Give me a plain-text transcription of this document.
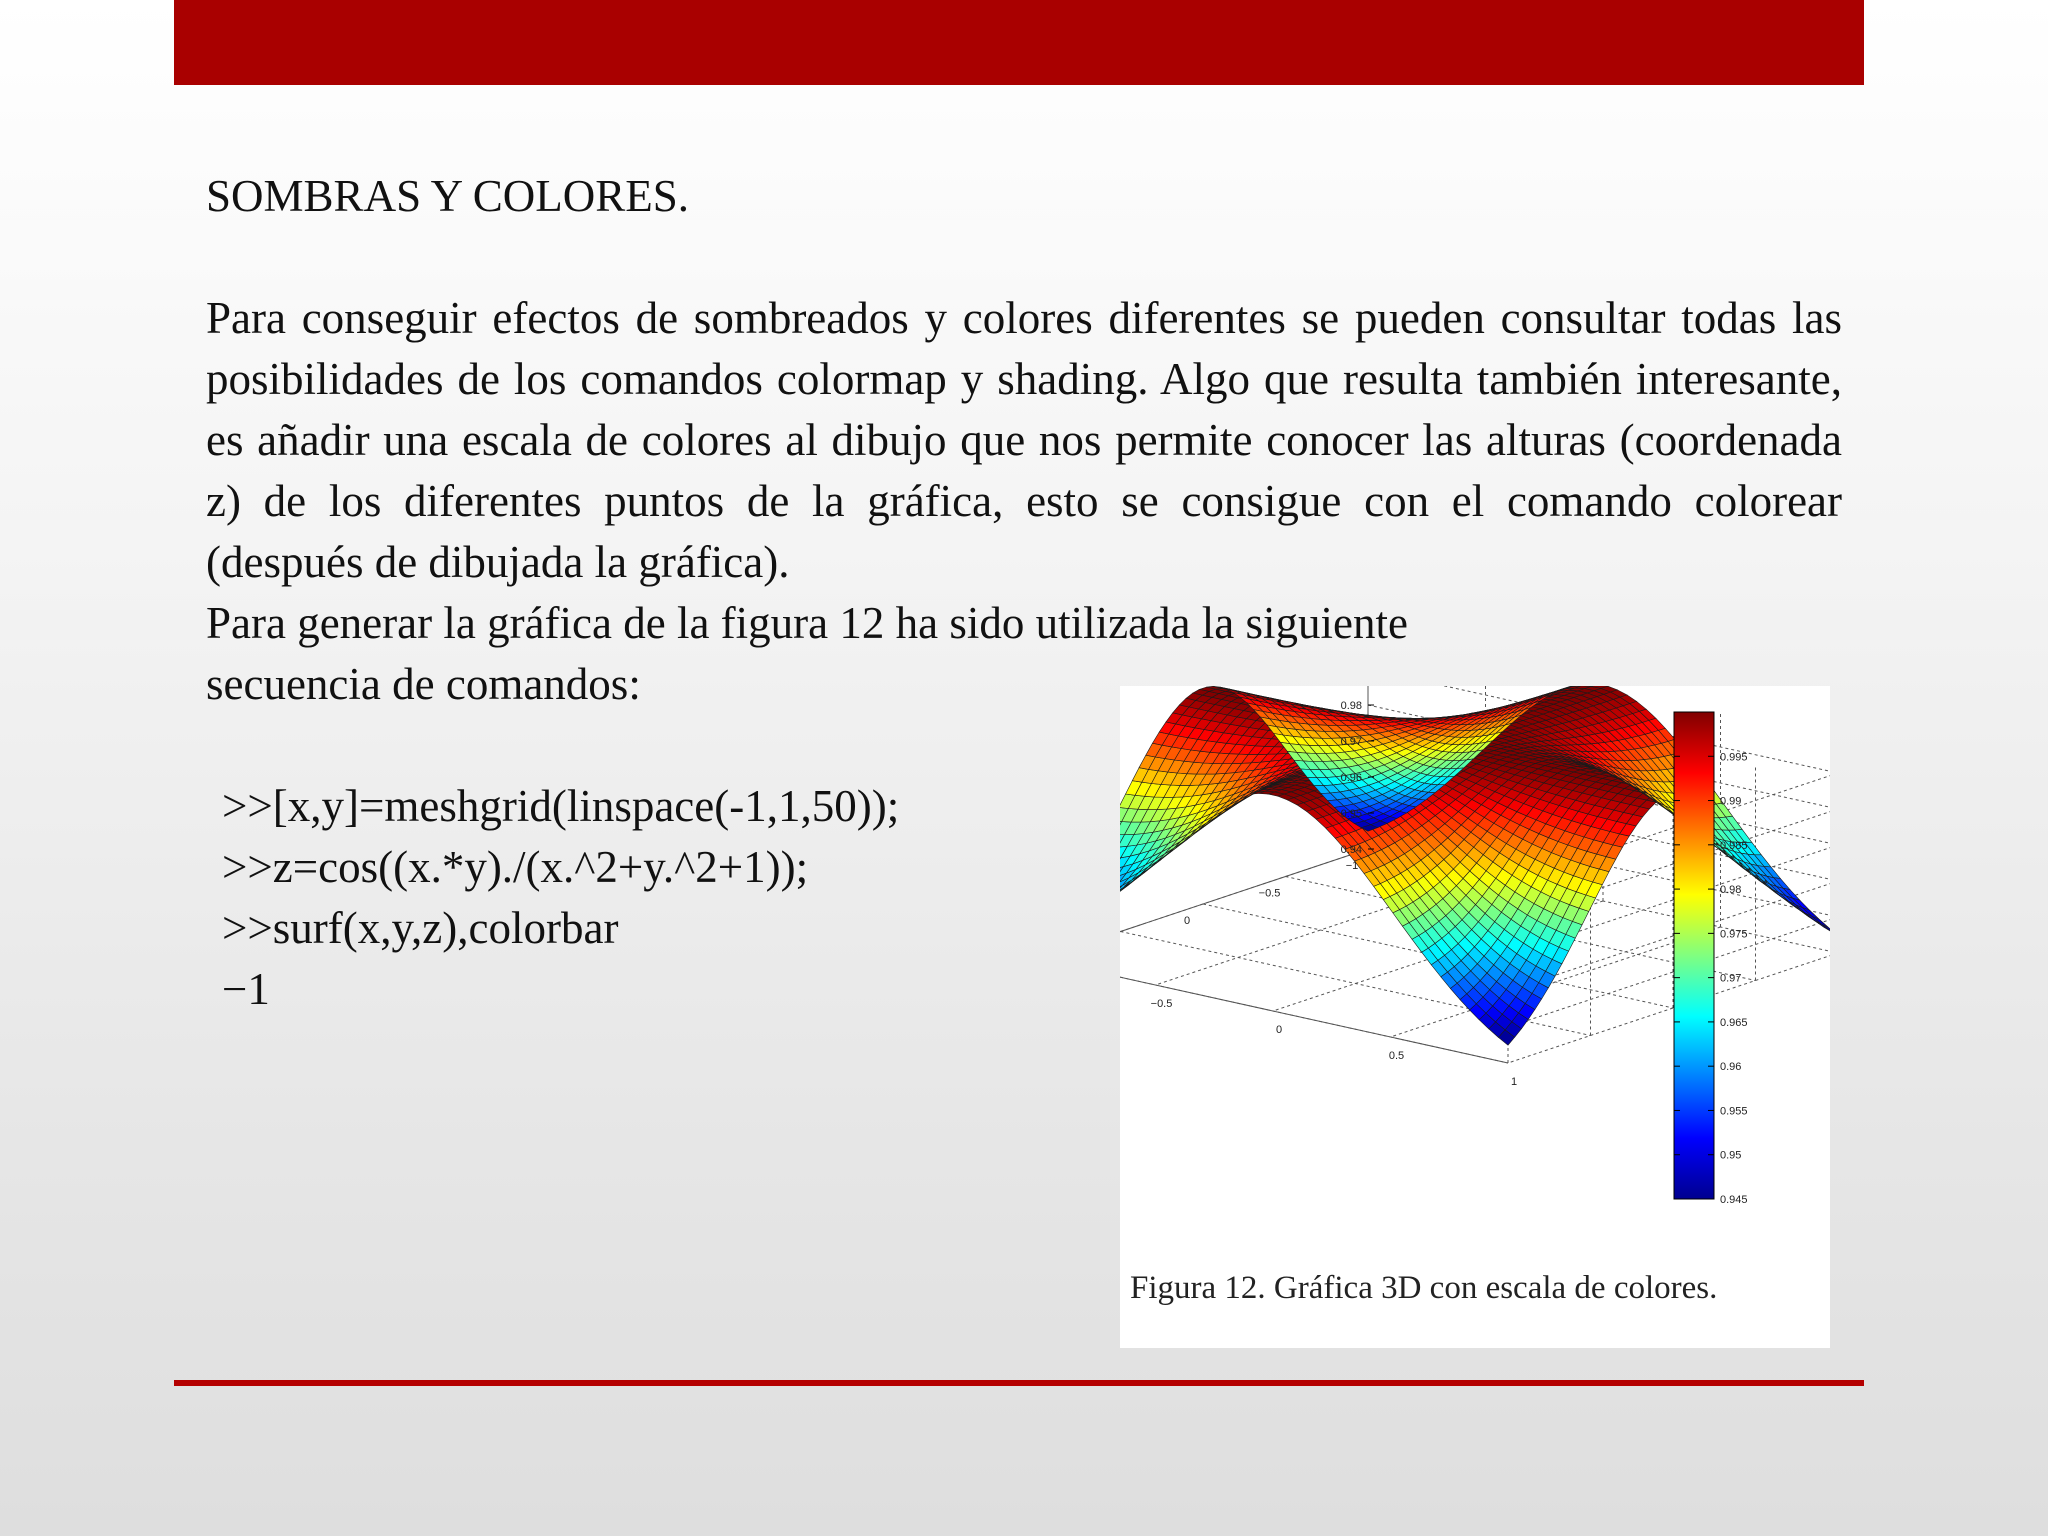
SOMBRAS Y COLORES.

Para conseguir efectos de sombreados y colores diferentes se pueden consultar todas las posibilidades de los comandos colormap y shading. Algo que resulta también interesante, es añadir una escala de colores al dibujo que nos permite conocer las alturas (coordenada z) de los diferentes puntos de la gráfica, esto se consigue con el comando colorear (después de dibujada la gráfica).

Para generar la gráfica de la figura 12 ha sido utilizada la siguiente

secuencia de comandos:

>>[x,y]=meshgrid(linspace(-1,1,50));
>>z=cos((x.*y)./(x.^2+y.^2+1));
>>surf(x,y,z),colorbar
−1
0.98
0.97
0.96
0.95
0.94
0
−0.5
−1
−0.5
0
0.5
1
0.995
0.99
0.985
0.98
0.975
0.97
0.965
0.96
0.955
0.95
0.945
Figura 12. Gráfica 3D con escala de colores.
